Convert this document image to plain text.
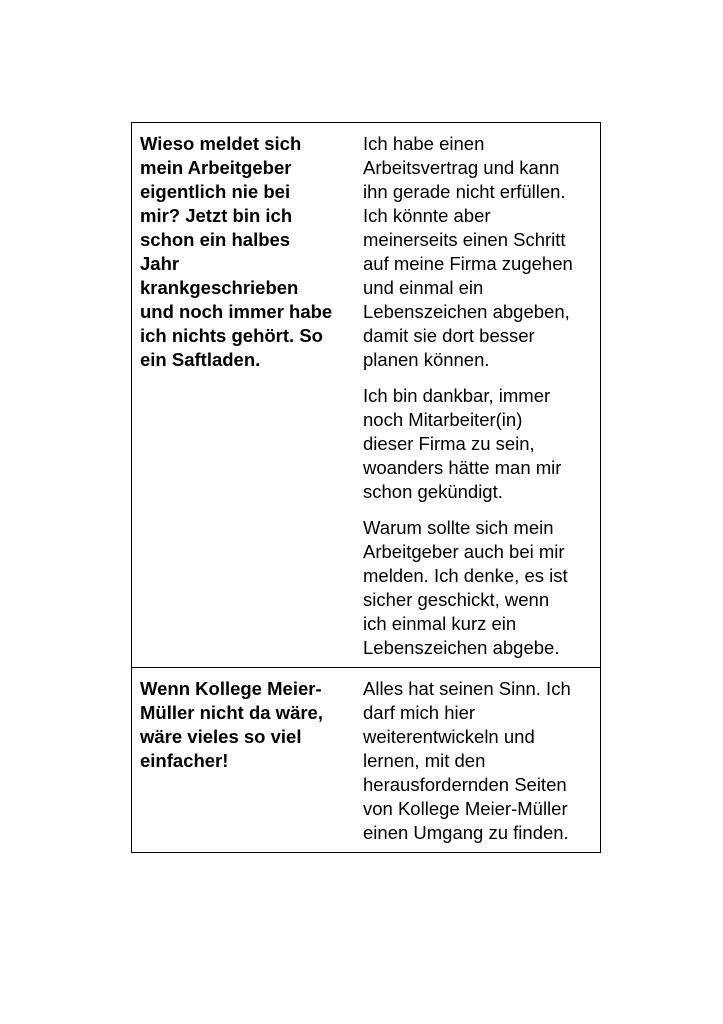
Wieso meldet sich
mein Arbeitgeber
eigentlich nie bei
mir? Jetzt bin ich
schon ein halbes
Jahr
krankgeschrieben
und noch immer habe
ich nichts gehört. So
ein Saftladen.
Ich habe einen
Arbeitsvertrag und kann
ihn gerade nicht erfüllen.
Ich könnte aber
meinerseits einen Schritt
auf meine Firma zugehen
und einmal ein
Lebenszeichen abgeben,
damit sie dort besser
planen können.
Ich bin dankbar, immer
noch Mitarbeiter(in)
dieser Firma zu sein,
woanders hätte man mir
schon gekündigt.
Warum sollte sich mein
Arbeitgeber auch bei mir
melden. Ich denke, es ist
sicher geschickt, wenn
ich einmal kurz ein
Lebenszeichen abgebe.
Wenn Kollege Meier-
Müller nicht da wäre,
wäre vieles so viel
einfacher!
Alles hat seinen Sinn. Ich
darf mich hier
weiterentwickeln und
lernen, mit den
herausfordernden Seiten
von Kollege Meier-Müller
einen Umgang zu finden.
